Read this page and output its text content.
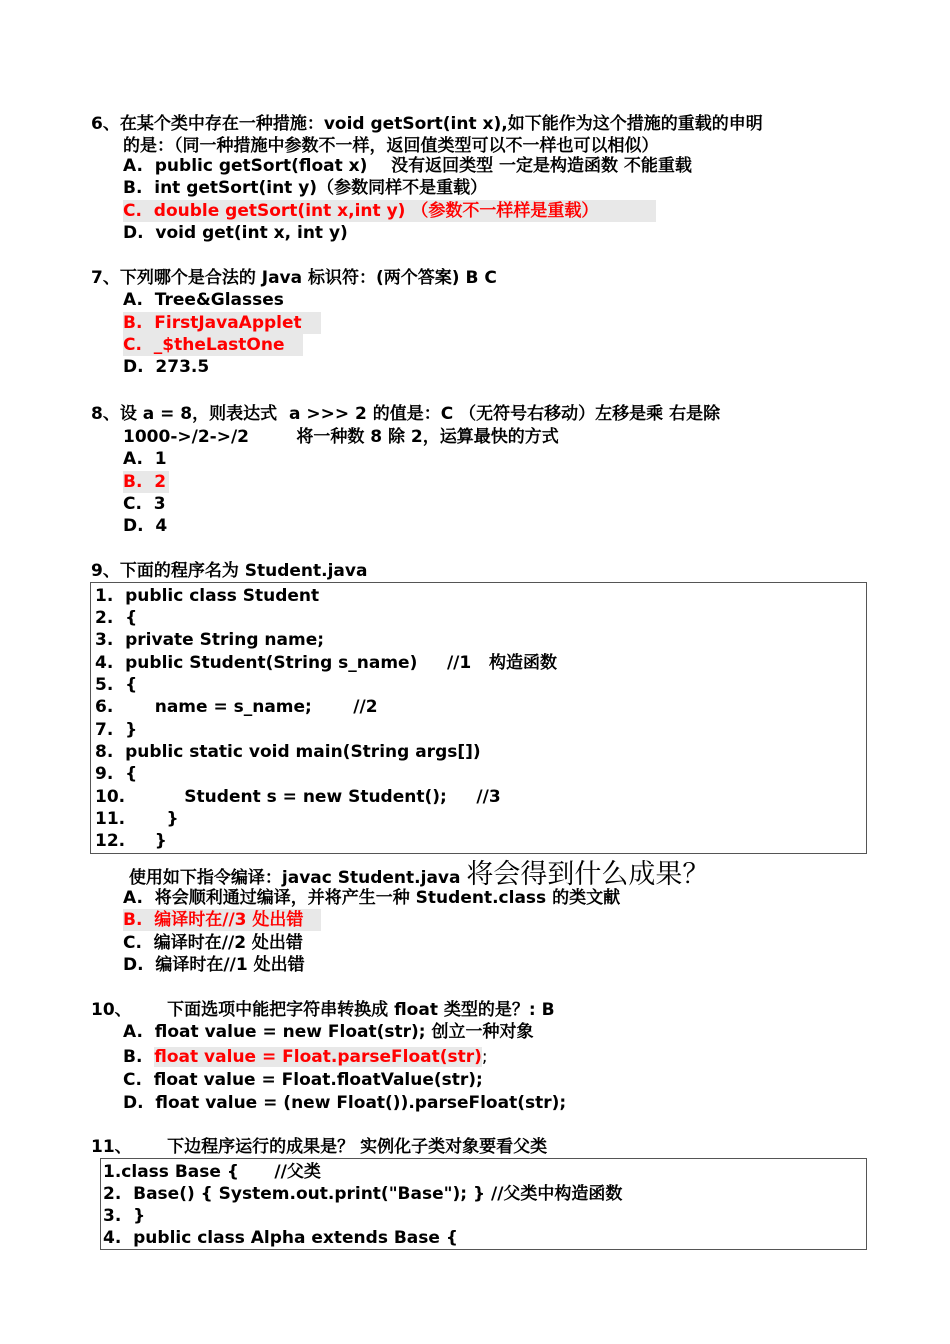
6、在某个类中存在一种措施：void getSort(int x),如下能作为这个措施的重载的申明
的是：（同一种措施中参数不一样，返回值类型可以不一样也可以相似）
A.  public getSort(float x)    没有返回类型 一定是构造函数 不能重载
B.  int getSort(int y)（参数同样不是重载）
C.  double getSort(int x,int y) （参数不一样样是重载）
D.  void get(int x, int y)
7、下列哪个是合法的 Java 标识符：(两个答案) B C
A.  Tree&Glasses
B.  FirstJavaApplet
C.  _$theLastOne
D.  273.5
8、设 a = 8，则表达式  a >>> 2 的值是：C （无符号右移动）左移是乘 右是除
1000->/2->/2        将一种数 8 除 2，运算最快的方式
A.  1
B.  2
C.  3
D.  4
9、下面的程序名为 Student.java
1.  public class Student
2.  {
3.  private String name;
4.  public Student(String s_name)     //1   构造函数
5.  {
6.       name = s_name;       //2
7.  }
8.  public static void main(String args[])
9.  {
10.          Student s = new Student();     //3
11.       }
12.     }
使用如下指令编译：javac Student.java 将会得到什么成果？
A.  将会顺利通过编译，并将产生一种 Student.class 的类文献
B.  编译时在//3 处出错
C.  编译时在//2 处出错
D.  编译时在//1 处出错
10、      下面选项中能把字符串转换成 float 类型的是？: B
A.  float value = new Float(str); 创立一种对象
B.  float value = Float.parseFloat(str);
C.  float value = Float.floatValue(str);
D.  float value = (new Float()).parseFloat(str);
11、      下边程序运行的成果是？ 实例化子类对象要看父类
1.class Base {      //父类
2.  Base() { System.out.print("Base"); } //父类中构造函数
3.  }
4.  public class Alpha extends Base {
